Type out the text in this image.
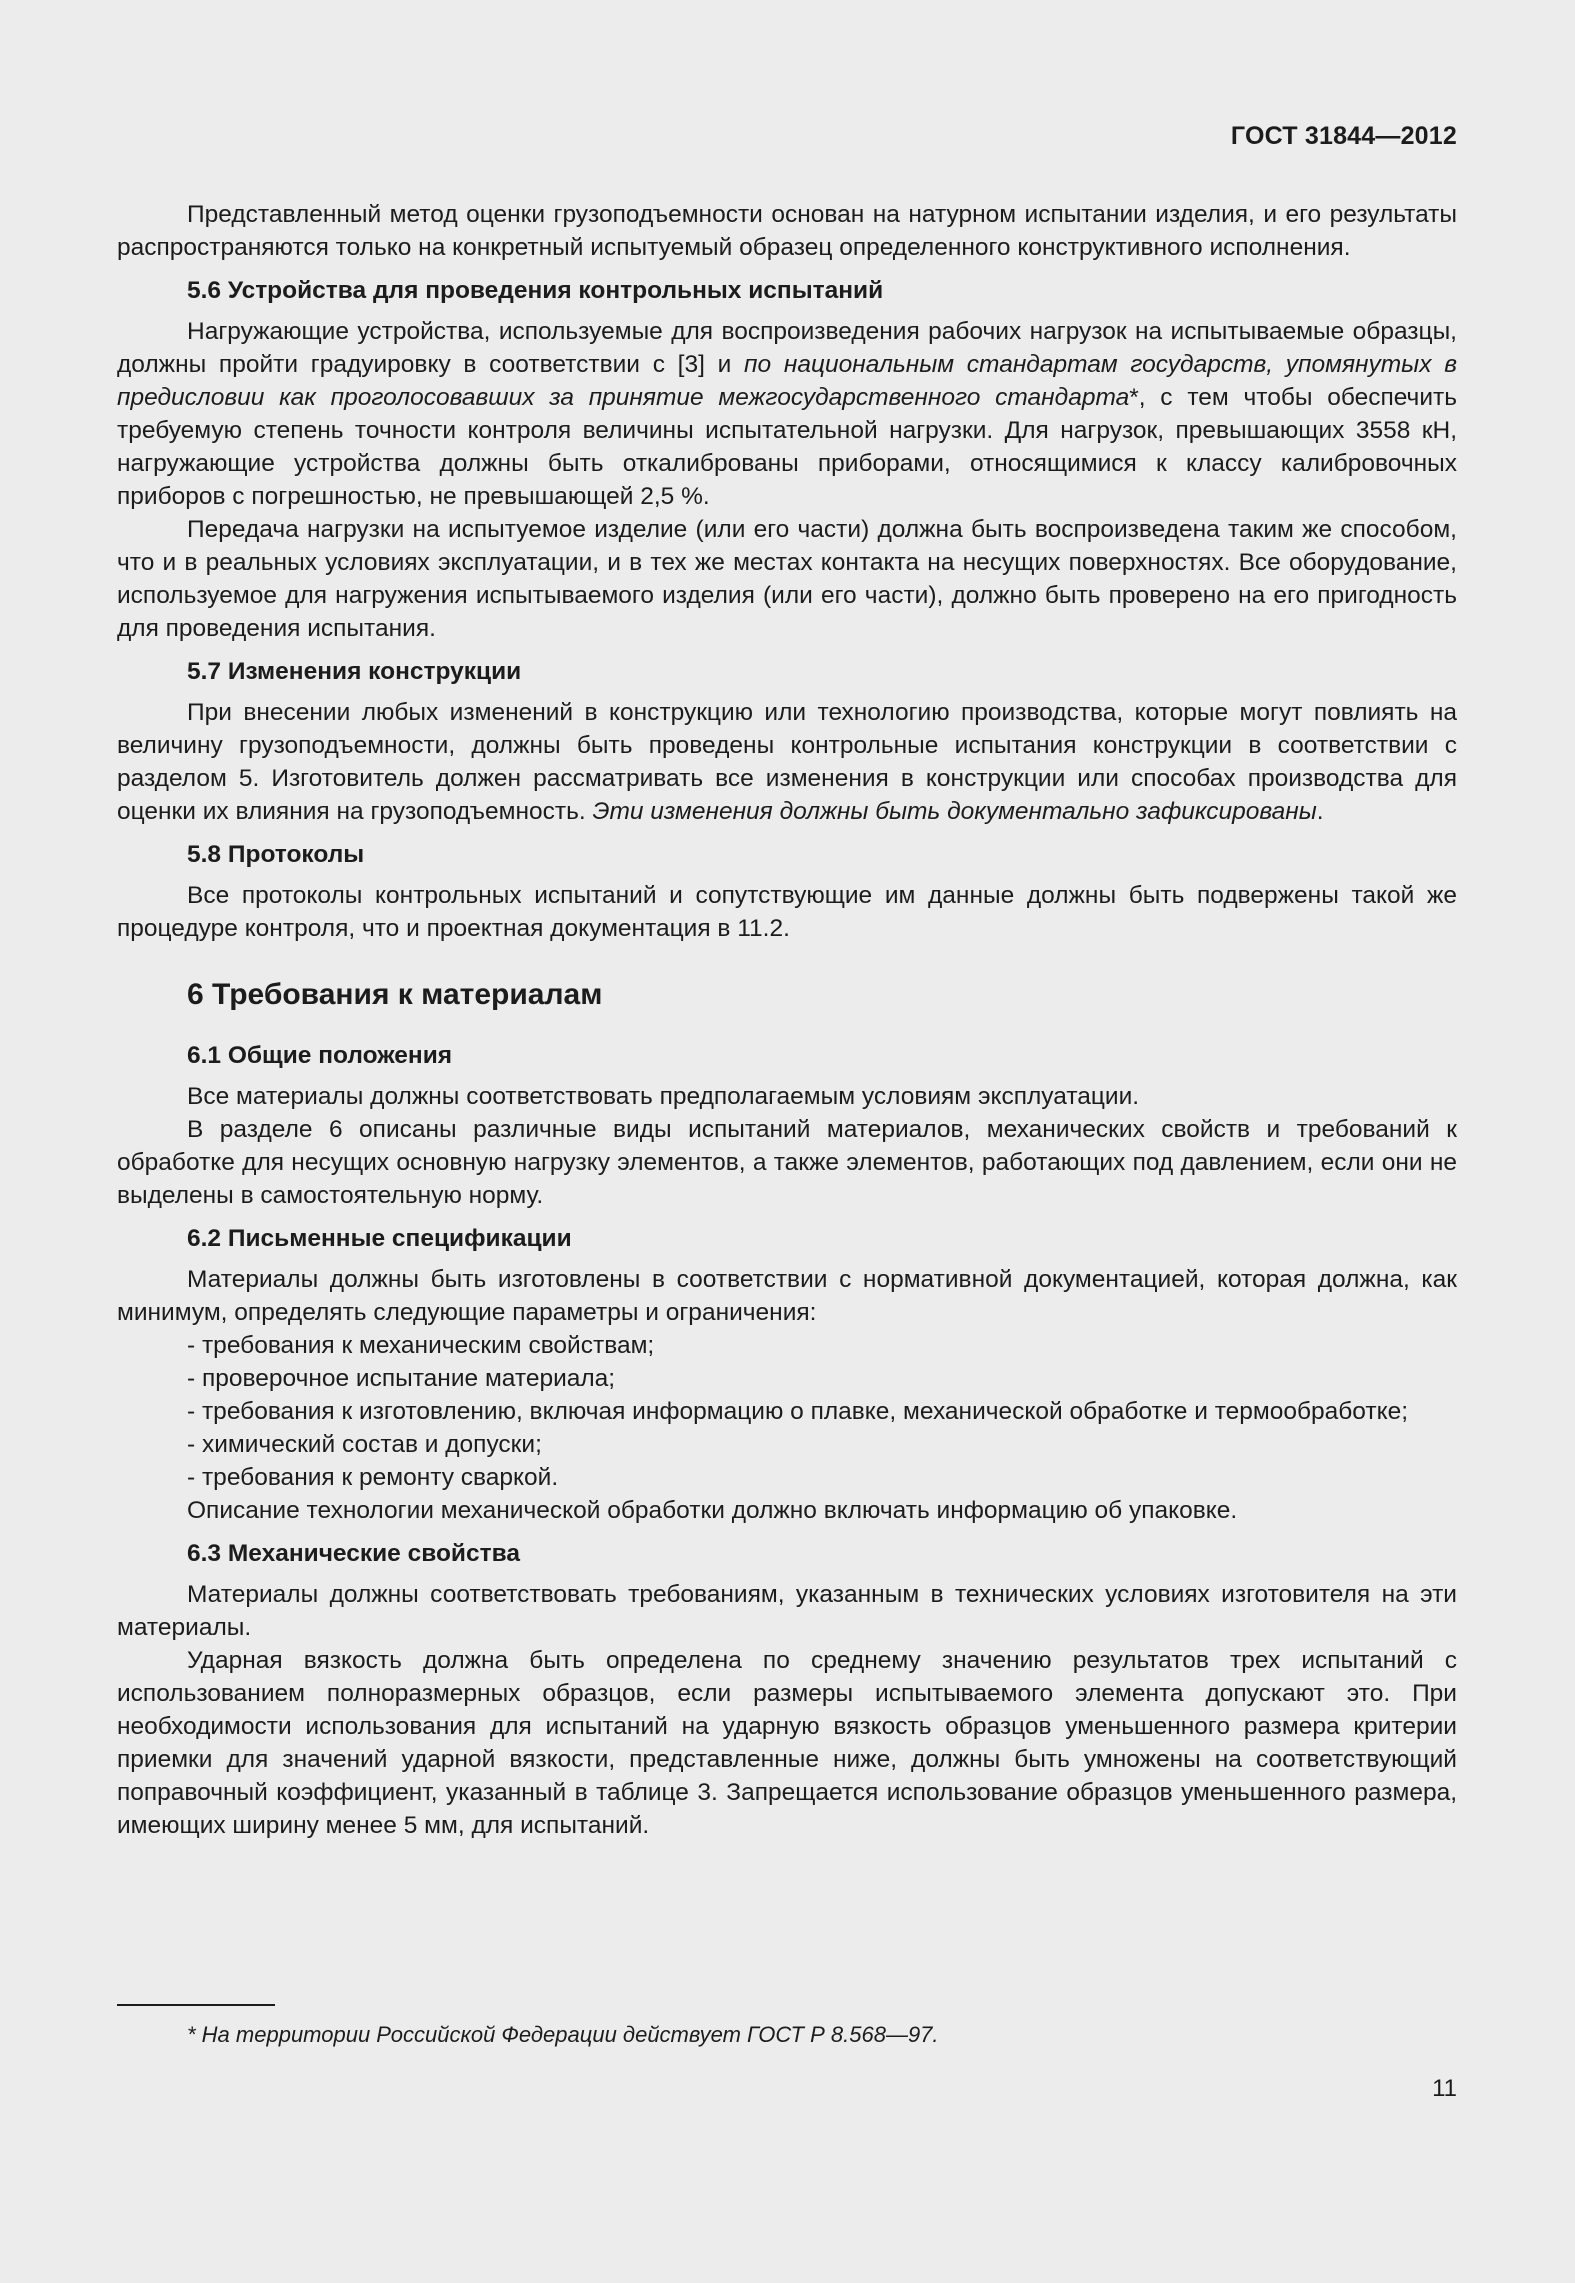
ГОСТ 31844—2012

Представленный метод оценки грузоподъемности основан на натурном испытании изделия, и его результаты распространяются только на конкретный испытуемый образец определенного конструктивного исполнения.

5.6 Устройства для проведения контрольных испытаний

Нагружающие устройства, используемые для воспроизведения рабочих нагрузок на испытываемые образцы, должны пройти градуировку в соответствии с [3] и по национальным стандартам государств, упомянутых в предисловии как проголосовавших за принятие межгосударственного стандарта*, с тем чтобы обеспечить требуемую степень точности контроля величины испытательной нагрузки. Для нагрузок, превышающих 3558 кН, нагружающие устройства должны быть откалиброваны приборами, относящимися к классу калибровочных приборов с погрешностью, не превышающей 2,5 %.

Передача нагрузки на испытуемое изделие (или его части) должна быть воспроизведена таким же способом, что и в реальных условиях эксплуатации, и в тех же местах контакта на несущих поверхностях. Все оборудование, используемое для нагружения испытываемого изделия (или его части), должно быть проверено на его пригодность для проведения испытания.

5.7 Изменения конструкции

При внесении любых изменений в конструкцию или технологию производства, которые могут повлиять на величину грузоподъемности, должны быть проведены контрольные испытания конструкции в соответствии с разделом 5. Изготовитель должен рассматривать все изменения в конструкции или способах производства для оценки их влияния на грузоподъемность. Эти изменения должны быть документально зафиксированы.

5.8 Протоколы

Все протоколы контрольных испытаний и сопутствующие им данные должны быть подвержены такой же процедуре контроля, что и проектная документация в 11.2.

6 Требования к материалам
6.1 Общие положения

Все материалы должны соответствовать предполагаемым условиям эксплуатации.

В разделе 6 описаны различные виды испытаний материалов, механических свойств и требований к обработке для несущих основную нагрузку элементов, а также элементов, работающих под давлением, если они не выделены в самостоятельную норму.

6.2 Письменные спецификации

Материалы должны быть изготовлены в соответствии с нормативной документацией, которая должна, как минимум, определять следующие параметры и ограничения:

- требования к механическим свойствам;

- проверочное испытание материала;

- требования к изготовлению, включая информацию о плавке, механической обработке и термообработке;

- химический состав и допуски;

- требования к ремонту сваркой.

Описание технологии механической обработки должно включать информацию об упаковке.

6.3 Механические свойства

Материалы должны соответствовать требованиям, указанным в технических условиях изготовителя на эти материалы.

Ударная вязкость должна быть определена по среднему значению результатов трех испытаний с использованием полноразмерных образцов, если размеры испытываемого элемента допускают это. При необходимости использования для испытаний на ударную вязкость образцов уменьшенного размера критерии приемки для значений ударной вязкости, представленные ниже, должны быть умножены на соответствующий поправочный коэффициент, указанный в таблице 3. Запрещается использование образцов уменьшенного размера, имеющих ширину менее 5 мм, для испытаний.

* На территории Российской Федерации действует ГОСТ Р 8.568—97.
11
